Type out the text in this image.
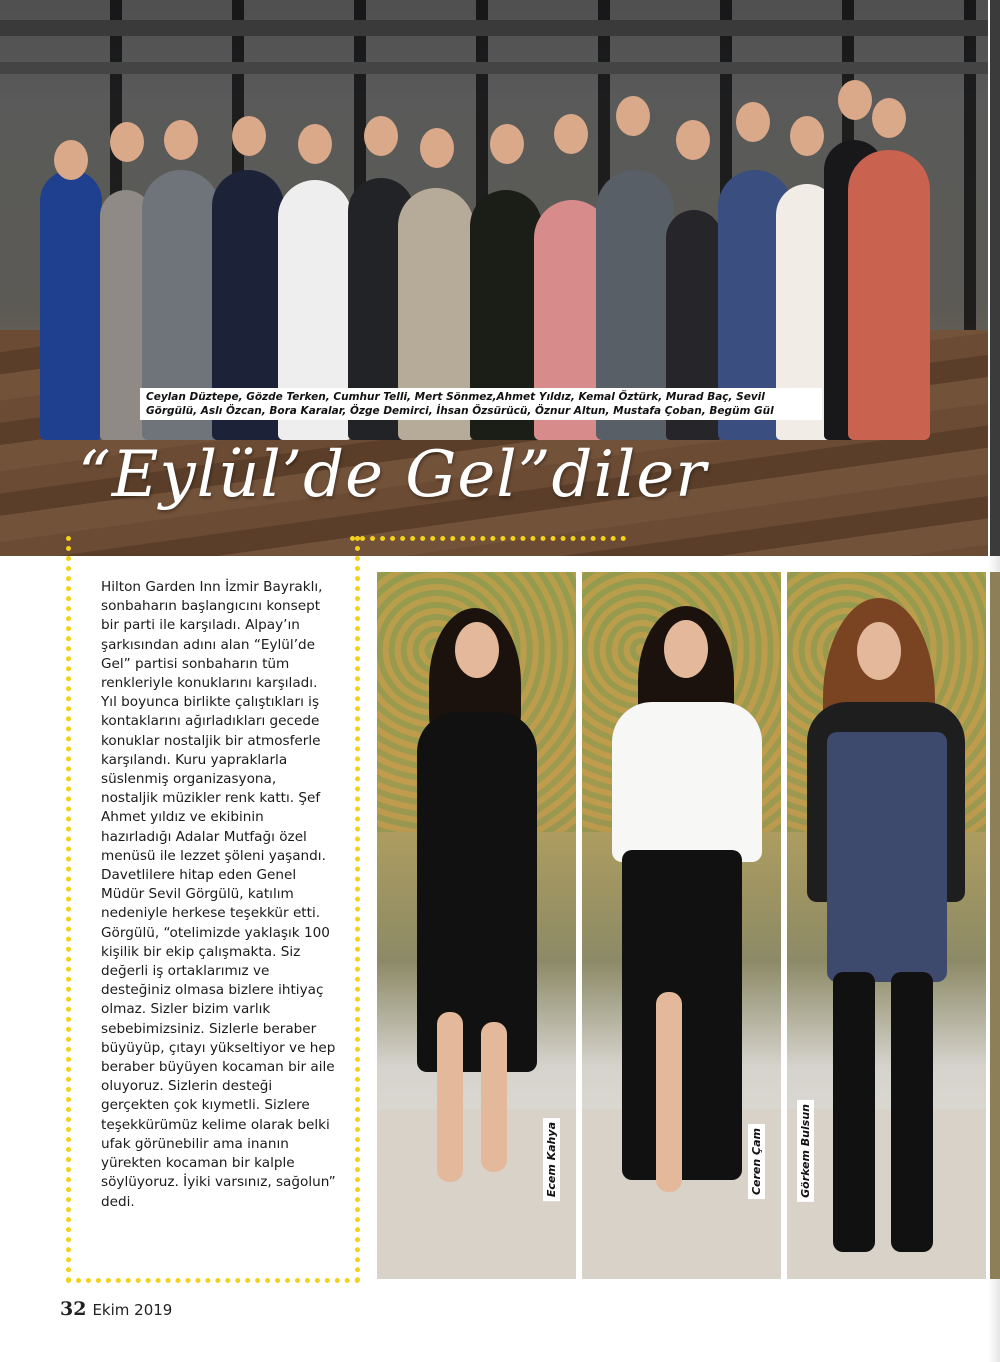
Ceylan Düztepe, Gözde Terken, Cumhur Telli, Mert Sönmez,Ahmet Yıldız, Kemal Öztürk, Murad Baç, Sevil Görgülü, Aslı Özcan, Bora Karalar, Özge Demirci, İhsan Özsürücü, Öznur Altun, Mustafa Çoban, Begüm Gül
“Eylül’de Gel”diler
Hilton Garden Inn İzmir Bayraklı, sonbaharın başlangıcını konsept bir parti ile karşıladı. Alpay’ın şarkısından adını alan “Eylül’de Gel” partisi sonbaharın tüm renkleriyle konuklarını karşıladı. Yıl boyunca birlikte çalıştıkları iş kontaklarını ağırladıkları gecede konuklar nostaljik bir atmosferle karşılandı. Kuru yapraklarla süslenmiş organizasyona, nostaljik müzikler renk kattı. Şef Ahmet yıldız ve ekibinin hazırladığı Adalar Mutfağı özel menüsü ile lezzet şöleni yaşandı. Davetlilere hitap eden Genel Müdür Sevil Görgülü, katılım nedeniyle herkese teşekkür etti. Görgülü, “otelimizde yaklaşık 100 kişilik bir ekip çalışmakta. Siz değerli iş ortaklarımız ve desteğiniz olmasa bizlere ihtiyaç olmaz. Sizler bizim varlık sebebimizsiniz. Sizlerle beraber büyüyüp, çıtayı yükseltiyor ve hep beraber büyüyen kocaman bir aile oluyoruz. Sizlerin desteği gerçekten çok kıymetli. Sizlere teşekkürümüz kelime olarak belki ufak görünebilir ama inanın yürekten kocaman bir kalple söylüyoruz. İyiki varsınız, sağolun” dedi.
Ecem Kahya	Ceren Çam	Görkem Bulsun
32 Ekim 2019
